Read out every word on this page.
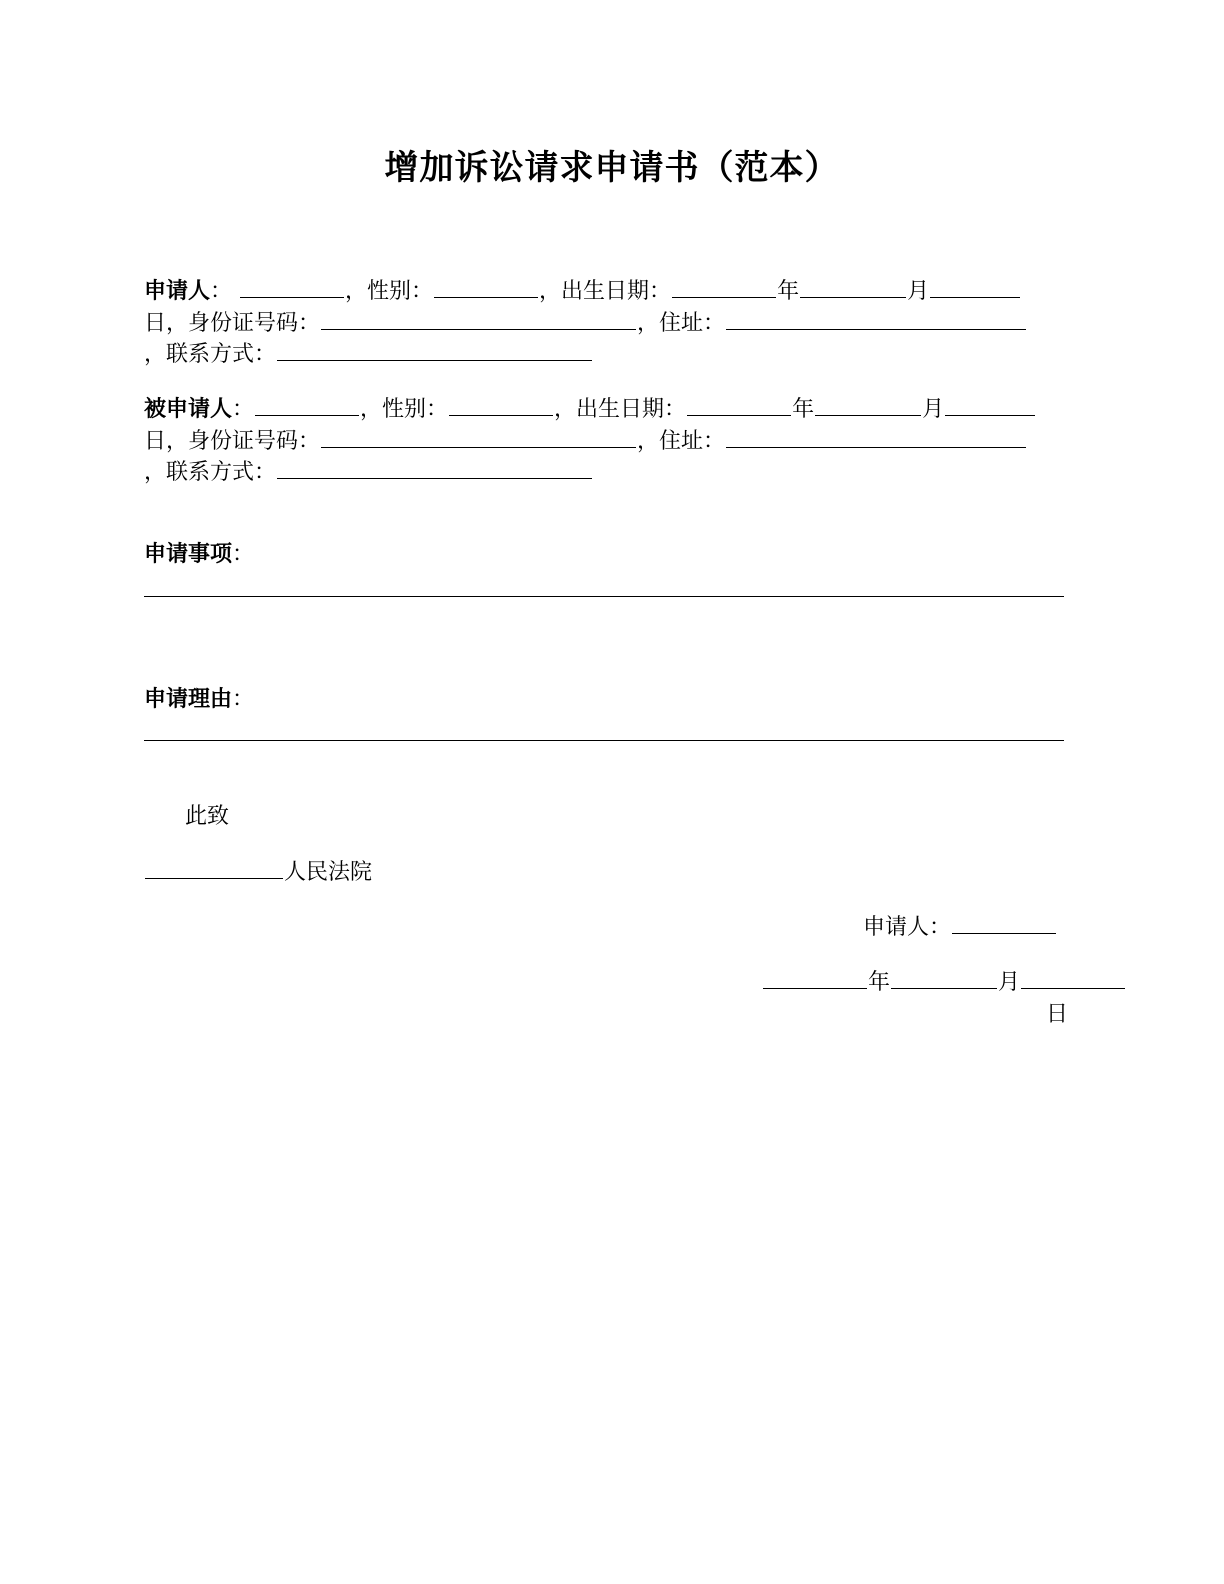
增加诉讼请求申请书（范本）
申请人：	，性别：	，出生日期：	年	月
日，身份证号码：	，住址：
，联系方式：
被申请人：	，性别：	，出生日期：	年	月
日，身份证号码：	，住址：
，联系方式：
申请事项：
申请理由：
此致
人民法院
申请人：
年	月
日
